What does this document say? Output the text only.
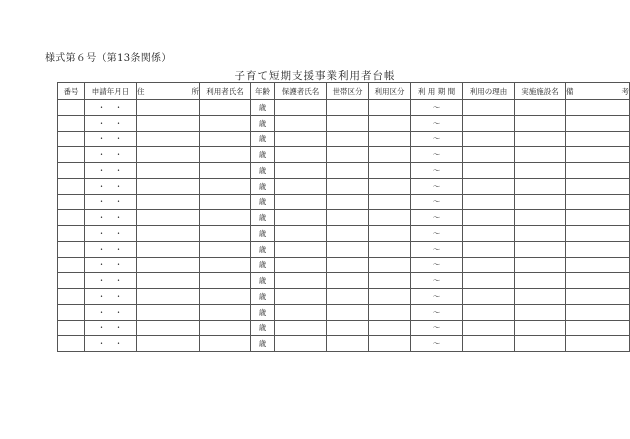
様式第６号（第13条関係）
子育て短期支援事業利用者台帳
番号	申請年月日	住　　所	利用者氏名	年齢	保護者氏名	世帯区分	利用区分	利 用 期 間	利用の理由	実施施設名	備　　考
	・　・			歳				〜			
	・　・			歳				〜			
	・　・			歳				〜			
	・　・			歳				〜			
	・　・			歳				〜			
	・　・			歳				〜			
	・　・			歳				〜			
	・　・			歳				〜			
	・　・			歳				〜			
	・　・			歳				〜			
	・　・			歳				〜			
	・　・			歳				〜			
	・　・			歳				〜			
	・　・			歳				〜			
	・　・			歳				〜			
	・　・			歳				〜			
